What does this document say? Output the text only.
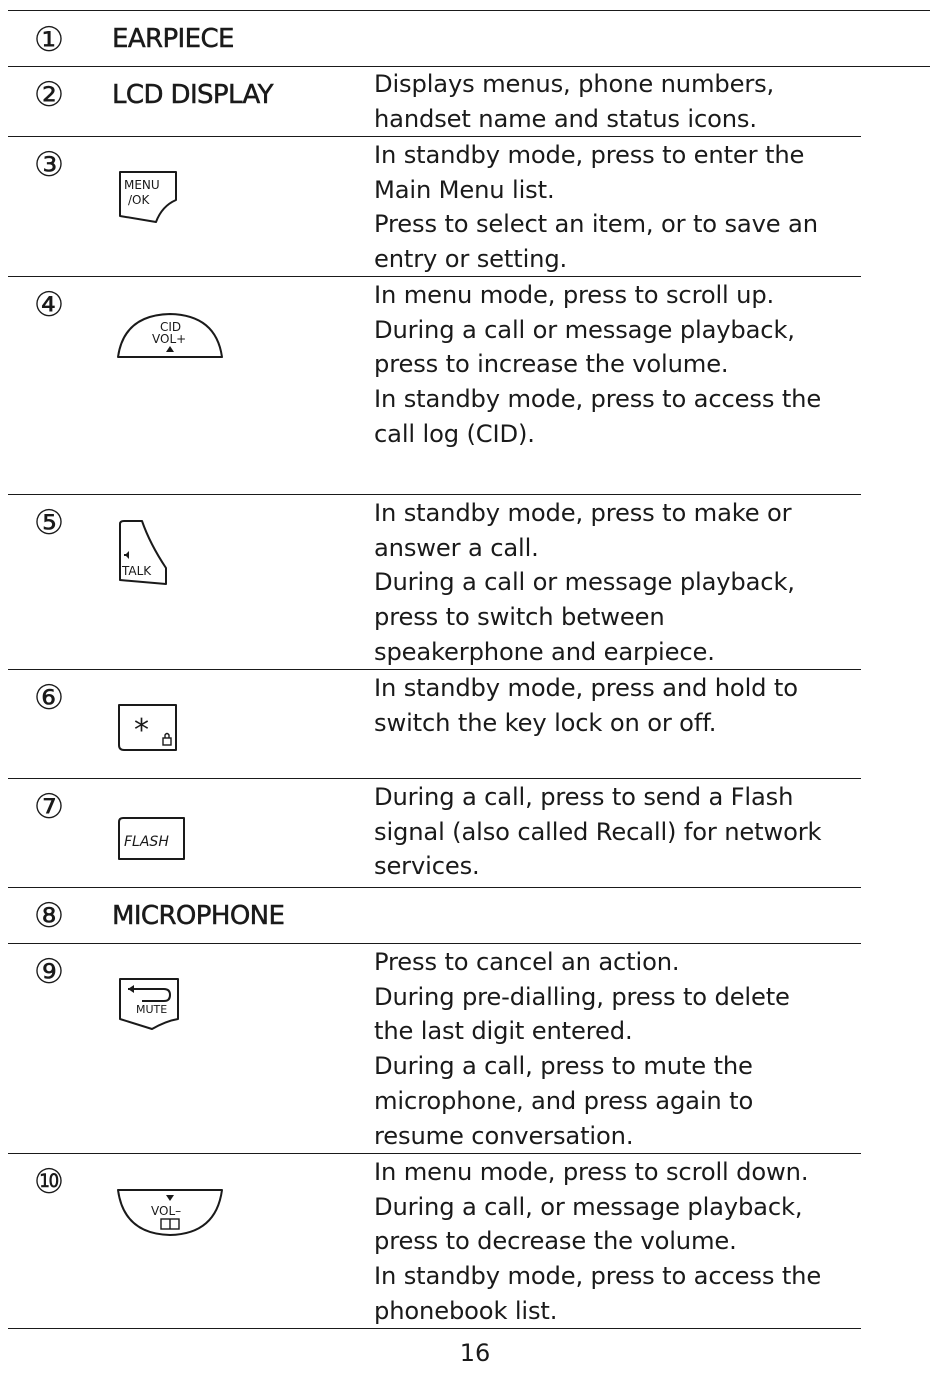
① EARPIECE
② LCD DISPLAY	Displays menus, phone numbers,
handset name and status icons.
③	MENU
/OK
In standby mode, press to enter the
Main Menu list.
Press to select an item, or to save an
entry or setting.
④
CID
VOL+
In menu mode, press to scroll up.
During a call or message playback,
press to increase the volume.
In standby mode, press to access the
call log (CID).
⑤
TALK
In standby mode, press to make or
answer a call.
During a call or message playback,
press to switch between
speakerphone and earpiece.
⑥
*
In standby mode, press and hold to
switch the key lock on or off.
⑦
FLASH
During a call, press to send a Flash
signal (also called Recall) for network
services.
⑧ MICROPHONE
⑨
MUTE
Press to cancel an action.
During pre-dialling, press to delete
the last digit entered.
During a call, press to mute the
microphone, and press again to
resume conversation.
⑩
VOL–
In menu mode, press to scroll down.
During a call, or message playback,
press to decrease the volume.
In standby mode, press to access the
phonebook list.
16
